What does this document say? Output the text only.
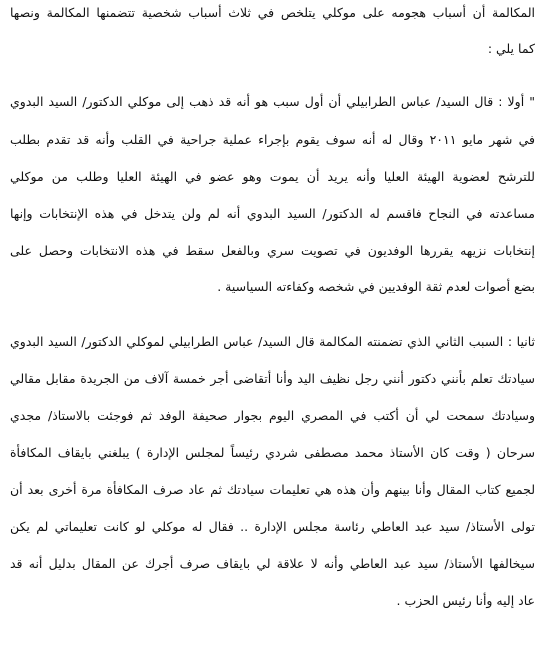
المكالمة أن أسباب هجومه على موكلي يتلخص في ثلاث أسباب شخصية تتضمنها المكالمة ونصها
كما يلي :
" أولا : قال السيد/ عباس الطرابيلي أن أول سبب هو أنه قد ذهب إلى موكلي الدكتور/ السيد البدوي
في شهر مايو ٢٠١١ وقال له أنه سوف يقوم بإجراء عملية جراحية في القلب وأنه قد تقدم بطلب
للترشح لعضوية الهيئة العليا وأنه يريد أن يموت وهو عضو في الهيئة العليا وطلب من موكلي
مساعدته في النجاح فاقسم له الدكتور/ السيد البدوي أنه لم ولن يتدخل في هذه الإنتخابات وإنها
إنتخابات نزيهه يقررها الوفديون في تصويت سري وبالفعل سقط في هذه الانتخابات وحصل على
بضع أصوات لعدم ثقة الوفديين في شخصه وكفاءته السياسية .
ثانيا : السبب الثاني الذي تضمنته المكالمة قال السيد/ عباس الطرابيلي لموكلي الدكتور/ السيد البدوي
سيادتك تعلم بأنني دكتور أنني رجل نظيف اليد وأنا أتقاضى أجر خمسة آلاف من الجريدة مقابل مقالي
وسيادتك سمحت لي أن أكتب في المصري اليوم بجوار صحيفة الوفد ثم فوجئت بالاستاذ/ مجدي
سرحان ( وقت كان الأستاذ محمد مصطفى شردي رئيساً لمجلس الإدارة ) يبلغني بايقاف المكافأة
لجميع كتاب المقال وأنا بينهم وأن هذه هي تعليمات سيادتك ثم عاد صرف المكافأة مرة أخرى بعد أن
تولى الأستاذ/ سيد عبد العاطي رئاسة مجلس الإدارة .. فقال له موكلي لو كانت تعليماتي لم يكن
سيخالفها الأستاذ/ سيد عبد العاطي وأنه لا علاقة لي بايقاف صرف أجرك عن المقال بدليل أنه قد
عاد إليه وأنا رئيس الحزب .
